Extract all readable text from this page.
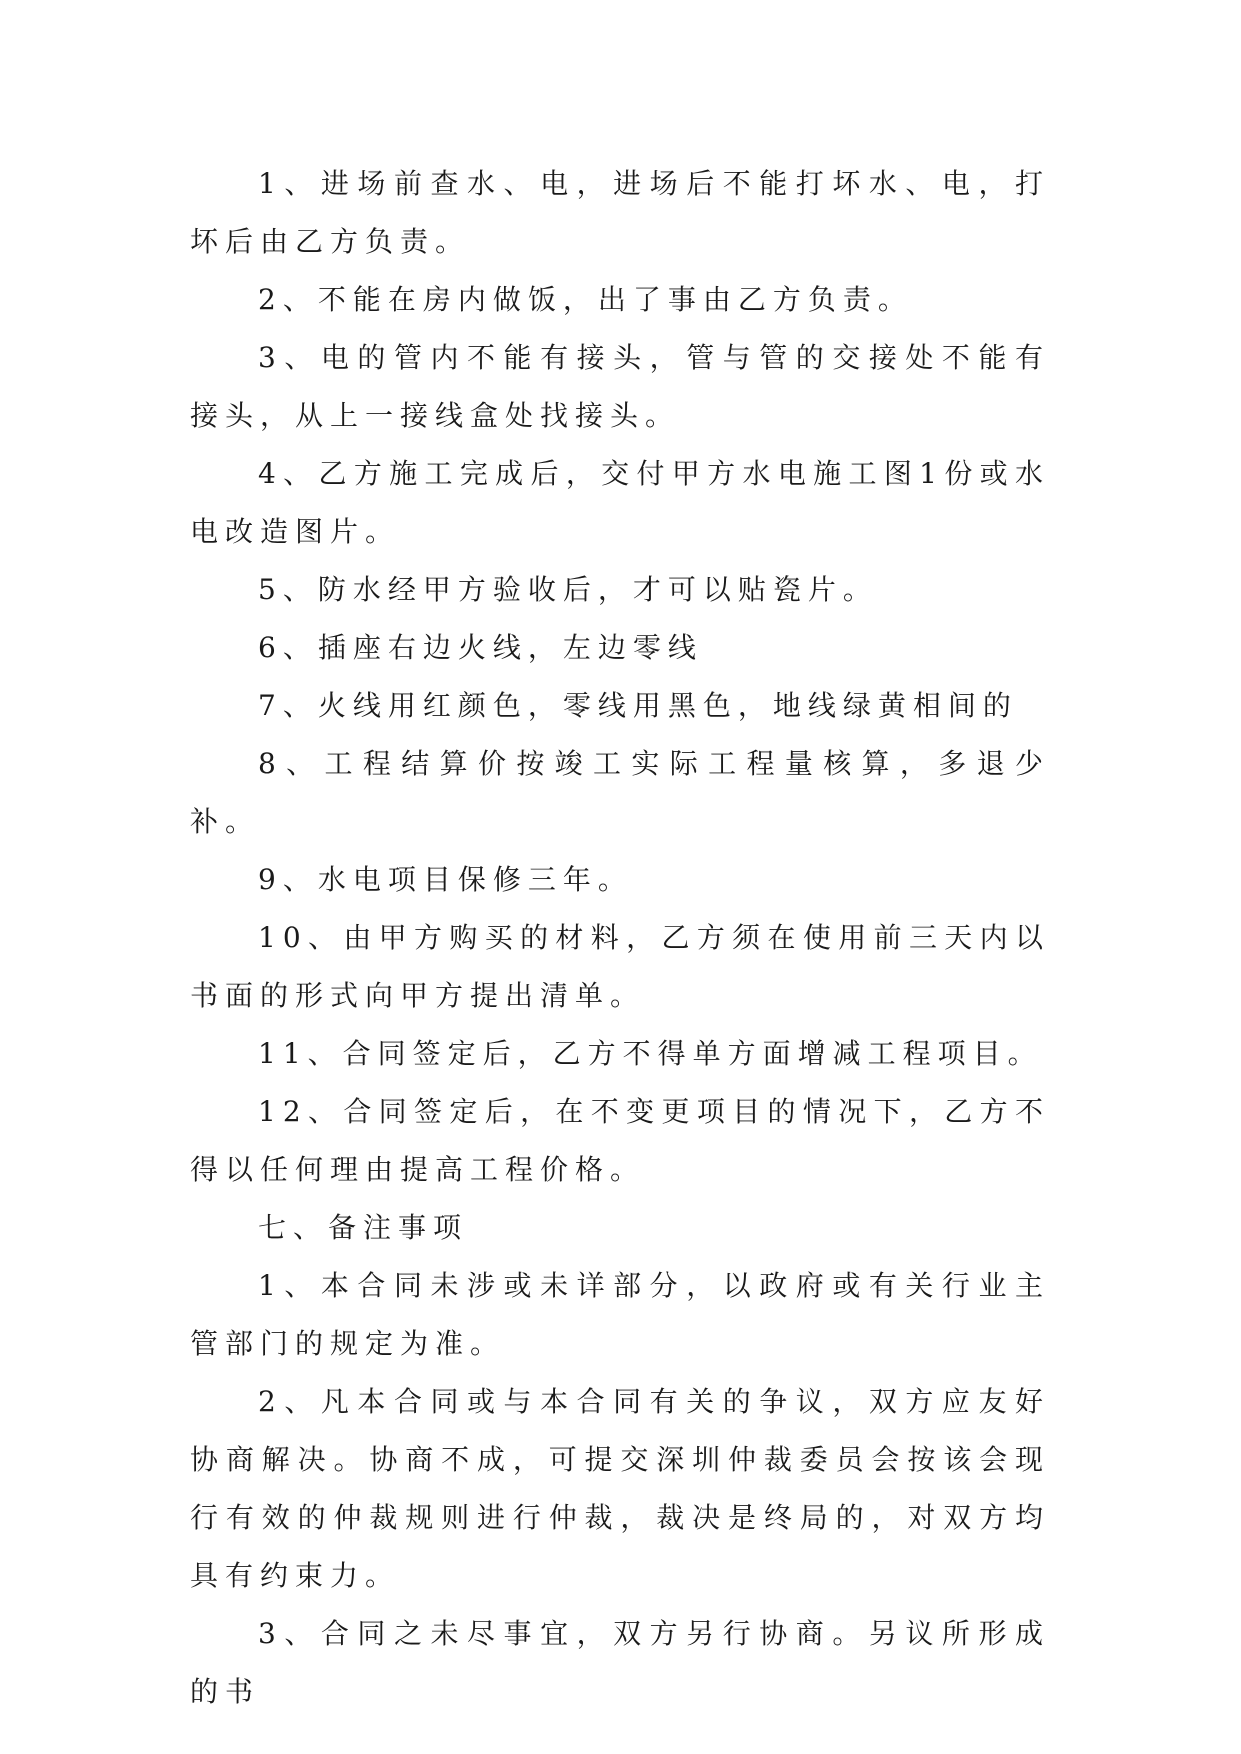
1、进场前查水、电，进场后不能打坏水、电，打坏后由乙方负责。

2、不能在房内做饭，出了事由乙方负责。

3、电的管内不能有接头，管与管的交接处不能有接头，从上一接线盒处找接头。

4、乙方施工完成后，交付甲方水电施工图1份或水电改造图片。

5、防水经甲方验收后，才可以贴瓷片。

6、插座右边火线，左边零线

7、火线用红颜色，零线用黑色，地线绿黄相间的

8、工程结算价按竣工实际工程量核算，多退少补。

9、水电项目保修三年。

10、由甲方购买的材料，乙方须在使用前三天内以书面的形式向甲方提出清单。

11、合同签定后，乙方不得单方面增减工程项目。

12、合同签定后，在不变更项目的情况下，乙方不得以任何理由提高工程价格。

七、备注事项

1、本合同未涉或未详部分，以政府或有关行业主管部门的规定为准。

2、凡本合同或与本合同有关的争议，双方应友好协商解决。协商不成，可提交深圳仲裁委员会按该会现行有效的仲裁规则进行仲裁，裁决是终局的，对双方均具有约束力。

3、合同之未尽事宜，双方另行协商。另议所形成的书
